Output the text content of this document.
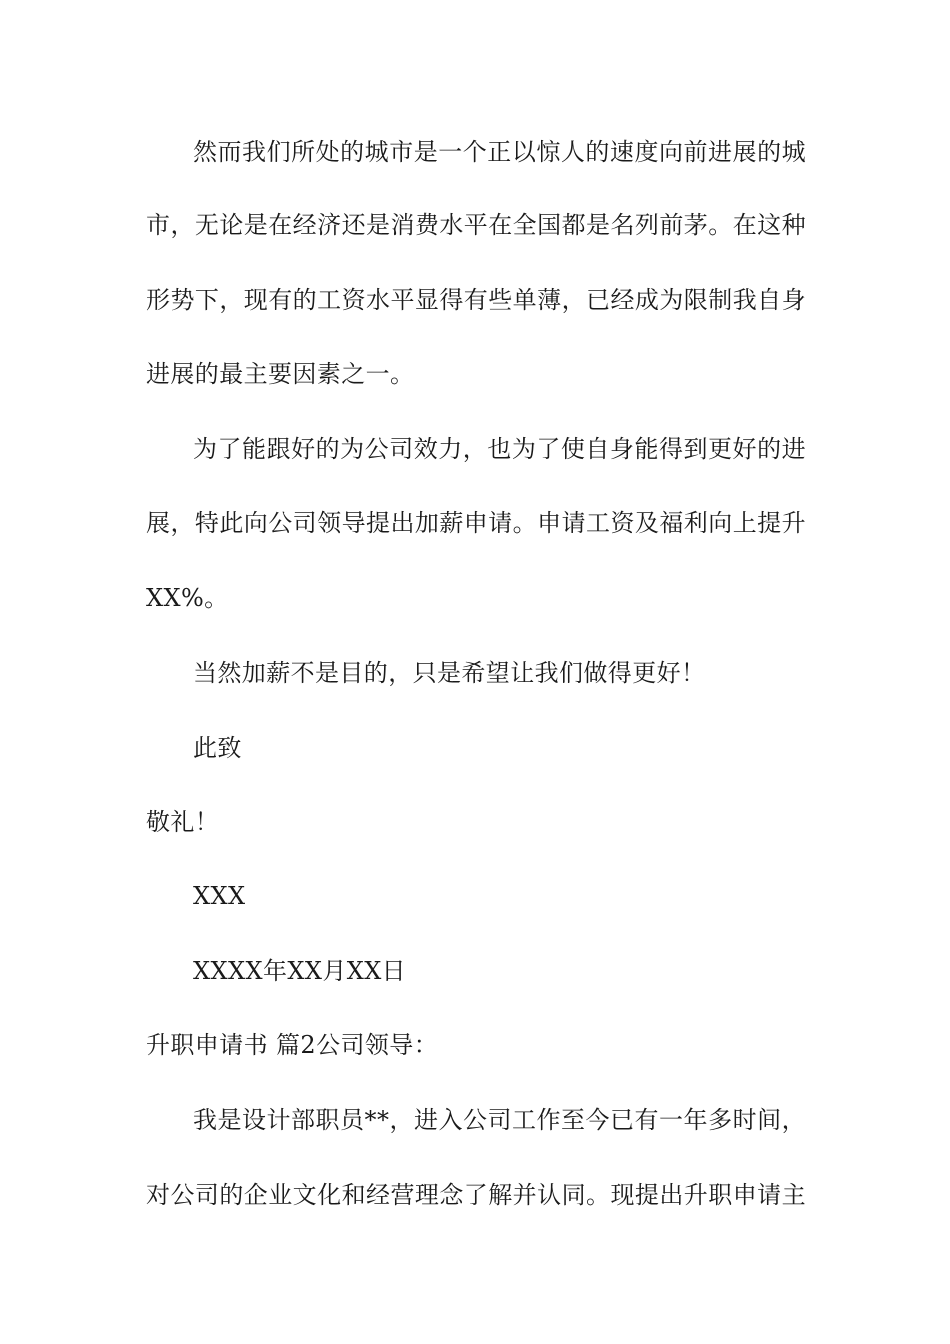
然而我们所处的城市是一个正以惊人的速度向前进展的城
市，无论是在经济还是消费水平在全国都是名列前茅。在这种
形势下，现有的工资水平显得有些单薄，已经成为限制我自身
进展的最主要因素之一。
为了能跟好的为公司效力，也为了使自身能得到更好的进
展，特此向公司领导提出加薪申请。申请工资及福利向上提升
XX%。
当然加薪不是目的，只是希望让我们做得更好！
此致
敬礼！
XXX
XXXX年XX月XX日
升职申请书 篇2公司领导：
我是设计部职员**，进入公司工作至今已有一年多时间，
对公司的企业文化和经营理念了解并认同。现提出升职申请主
